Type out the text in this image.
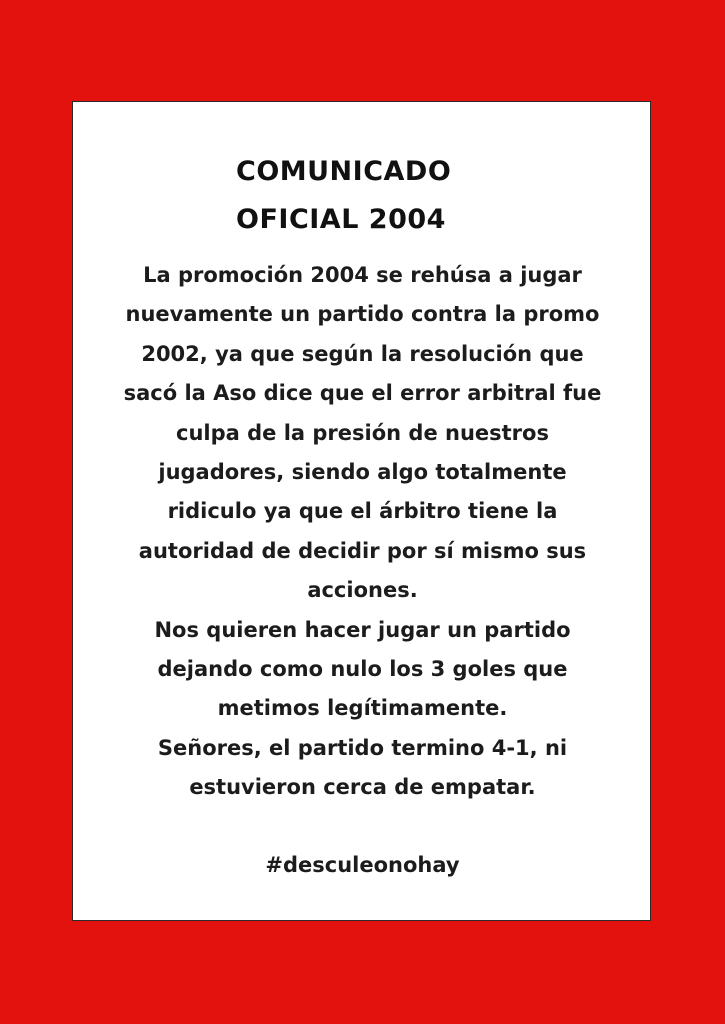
COMUNICADO
OFICIAL 2004

La promoción 2004 se rehúsa a jugar
nuevamente un partido contra la promo
2002, ya que según la resolución que
sacó la Aso dice que el error arbitral fue
culpa de la presión de nuestros
jugadores, siendo algo totalmente
ridiculo ya que el árbitro tiene la
autoridad de decidir por sí mismo sus
acciones.
Nos quieren hacer jugar un partido
dejando como nulo los 3 goles que
metimos legítimamente.
Señores, el partido termino 4-1, ni
estuvieron cerca de empatar.

#desculeonohay
